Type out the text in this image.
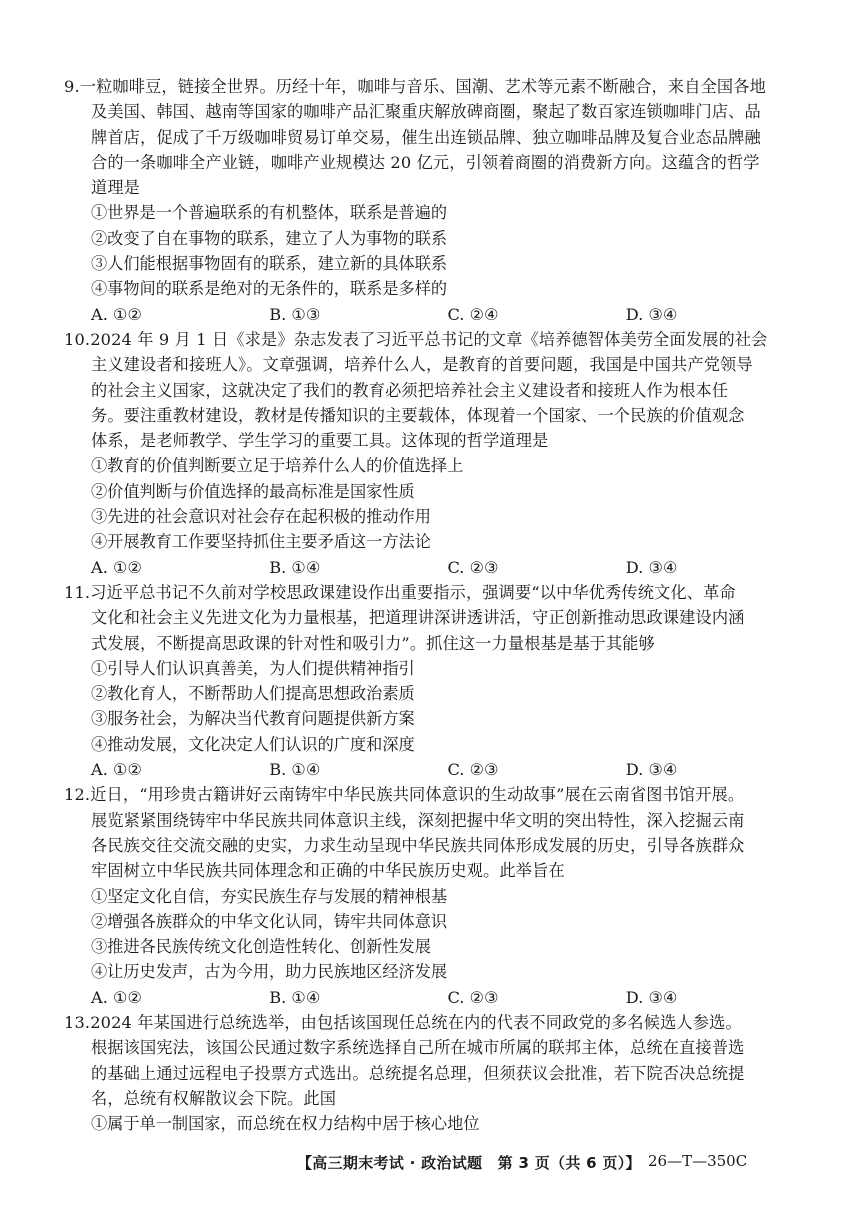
9.一粒咖啡豆，链接全世界。历经十年，咖啡与音乐、国潮、艺术等元素不断融合，来自全国各地
及美国、韩国、越南等国家的咖啡产品汇聚重庆解放碑商圈，聚起了数百家连锁咖啡门店、品
牌首店，促成了千万级咖啡贸易订单交易，催生出连锁品牌、独立咖啡品牌及复合业态品牌融
合的一条咖啡全产业链，咖啡产业规模达 20 亿元，引领着商圈的消费新方向。这蕴含的哲学
道理是
①世界是一个普遍联系的有机整体，联系是普遍的
②改变了自在事物的联系，建立了人为事物的联系
③人们能根据事物固有的联系，建立新的具体联系
④事物间的联系是绝对的无条件的，联系是多样的
A. ①②	B. ①③	C. ②④	D. ③④
10.2024 年 9 月 1 日《求是》杂志发表了习近平总书记的文章《培养德智体美劳全面发展的社会
主义建设者和接班人》。文章强调，培养什么人，是教育的首要问题，我国是中国共产党领导
的社会主义国家，这就决定了我们的教育必须把培养社会主义建设者和接班人作为根本任
务。要注重教材建设，教材是传播知识的主要载体，体现着一个国家、一个民族的价值观念
体系，是老师教学、学生学习的重要工具。这体现的哲学道理是
①教育的价值判断要立足于培养什么人的价值选择上
②价值判断与价值选择的最高标准是国家性质
③先进的社会意识对社会存在起积极的推动作用
④开展教育工作要坚持抓住主要矛盾这一方法论
A. ①②	B. ①④	C. ②③	D. ③④
11.习近平总书记不久前对学校思政课建设作出重要指示，强调要“以中华优秀传统文化、革命
文化和社会主义先进文化为力量根基，把道理讲深讲透讲活，守正创新推动思政课建设内涵
式发展，不断提高思政课的针对性和吸引力”。抓住这一力量根基是基于其能够
①引导人们认识真善美，为人们提供精神指引
②教化育人，不断帮助人们提高思想政治素质
③服务社会，为解决当代教育问题提供新方案
④推动发展，文化决定人们认识的广度和深度
A. ①②	B. ①④	C. ②③	D. ③④
12.近日，“用珍贵古籍讲好云南铸牢中华民族共同体意识的生动故事”展在云南省图书馆开展。
展览紧紧围绕铸牢中华民族共同体意识主线，深刻把握中华文明的突出特性，深入挖掘云南
各民族交往交流交融的史实，力求生动呈现中华民族共同体形成发展的历史，引导各族群众
牢固树立中华民族共同体理念和正确的中华民族历史观。此举旨在
①坚定文化自信，夯实民族生存与发展的精神根基
②增强各族群众的中华文化认同，铸牢共同体意识
③推进各民族传统文化创造性转化、创新性发展
④让历史发声，古为今用，助力民族地区经济发展
A. ①②	B. ①④	C. ②③	D. ③④
13.2024 年某国进行总统选举，由包括该国现任总统在内的代表不同政党的多名候选人参选。
根据该国宪法，该国公民通过数字系统选择自己所在城市所属的联邦主体，总统在直接普选
的基础上通过远程电子投票方式选出。总统提名总理，但须获议会批准，若下院否决总统提
名，总统有权解散议会下院。此国
①属于单一制国家，而总统在权力结构中居于核心地位
【高三期末考试 · 政治试题　第 3 页（共 6 页）】 26—T—350C
